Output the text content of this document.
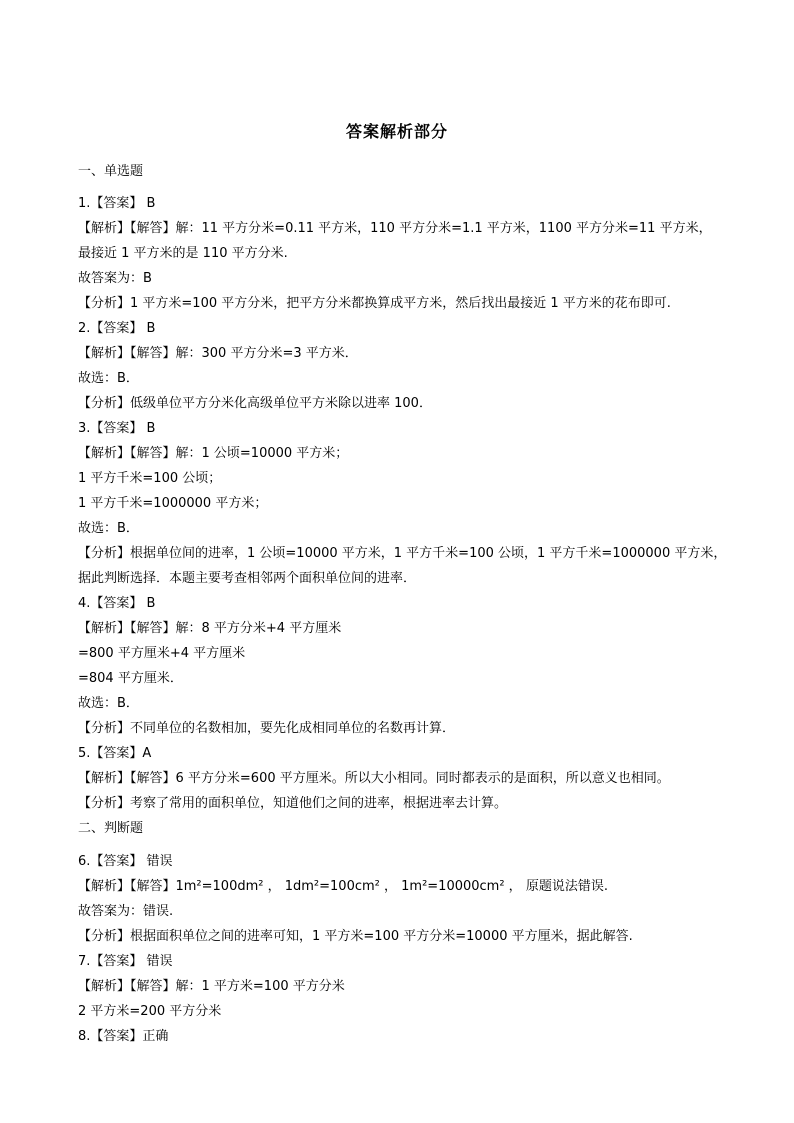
答案解析部分
一、单选题
1.【答案】 B
【解析】【解答】解：11 平方分米=0.11 平方米，110 平方分米=1.1 平方米，1100 平方分米=11 平方米，
最接近 1 平方米的是 110 平方分米.
故答案为：B
【分析】1 平方米=100 平方分米，把平方分米都换算成平方米，然后找出最接近 1 平方米的花布即可.
2.【答案】 B
【解析】【解答】解：300 平方分米=3 平方米．
故选：B．
【分析】低级单位平方分米化高级单位平方米除以进率 100．
3.【答案】 B
【解析】【解答】解：1 公顷=10000 平方米；
1 平方千米=100 公顷；
1 平方千米=1000000 平方米；
故选：B．
【分析】根据单位间的进率，1 公顷=10000 平方米，1 平方千米=100 公顷，1 平方千米=1000000 平方米，
据此判断选择．本题主要考查相邻两个面积单位间的进率．
4.【答案】 B
【解析】【解答】解：8 平方分米+4 平方厘米
=800 平方厘米+4 平方厘米
=804 平方厘米．
故选：B．
【分析】不同单位的名数相加，要先化成相同单位的名数再计算．
5.【答案】A
【解析】【解答】6 平方分米=600 平方厘米。所以大小相同。同时都表示的是面积，所以意义也相同。
【分析】考察了常用的面积单位，知道他们之间的进率，根据进率去计算。
二、判断题
6.【答案】 错误
【解析】【解答】1m²=100dm² ， 1dm²=100cm² ， 1m²=10000cm² ， 原题说法错误.
故答案为：错误.
【分析】根据面积单位之间的进率可知，1 平方米=100 平方分米=10000 平方厘米，据此解答.
7.【答案】 错误
【解析】【解答】解：1 平方米=100 平方分米
2 平方米=200 平方分米
8.【答案】正确
